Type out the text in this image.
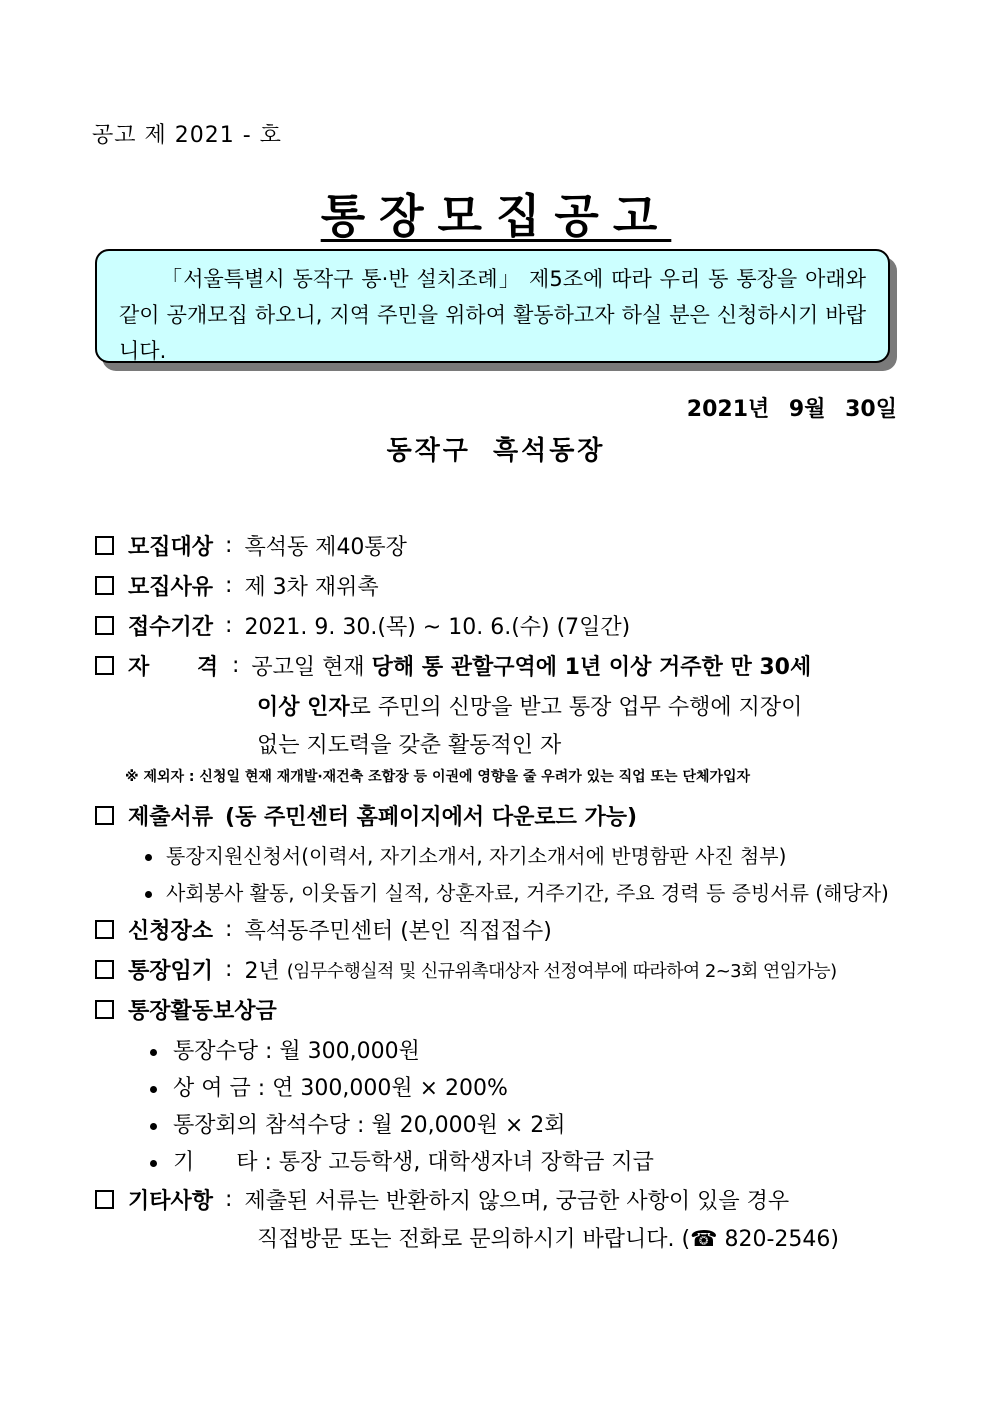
공고 제 2021 - 호
통장모집공고

「서울특별시 동작구 통·반 설치조례」 제5조에 따라 우리 동 통장을 아래와 같이 공개모집 하오니, 지역 주민을 위하여 활동하고자 하실 분은 신청하시기 바랍니다.

2021년 9월 30일
동작구 흑석동장
모집대상 : 흑석동 제40통장
모집사유 : 제 3차 재위촉
접수기간 : 2021. 9. 30.(목) ~ 10. 6.(수) (7일간)
자 격 : 공고일 현재 당해 통 관할구역에 1년 이상 거주한 만 30세
이상 인자로 주민의 신망을 받고 통장 업무 수행에 지장이
없는 지도력을 갖춘 활동적인 자
※ 제외자 : 신청일 현재 재개발·재건축 조합장 등 이권에 영향을 줄 우려가 있는 직업 또는 단체가입자
제출서류 (동 주민센터 홈페이지에서 다운로드 가능)
통장지원신청서(이력서, 자기소개서, 자기소개서에 반명함판 사진 첨부)
사회봉사 활동, 이웃돕기 실적, 상훈자료, 거주기간, 주요 경력 등 증빙서류 (해당자)
신청장소 : 흑석동주민센터 (본인 직접접수)
통장임기 : 2년 (임무수행실적 및 신규위촉대상자 선정여부에 따라하여 2~3회 연임가능)
통장활동보상금
통장수당 : 월 300,000원
상 여 금 : 연 300,000원 × 200%
통장회의 참석수당 : 월 20,000원 × 2회
기      타 : 통장 고등학생, 대학생자녀 장학금 지급
기타사항 : 제출된 서류는 반환하지 않으며, 궁금한 사항이 있을 경우
직접방문 또는 전화로 문의하시기 바랍니다. (☎ 820-2546)
